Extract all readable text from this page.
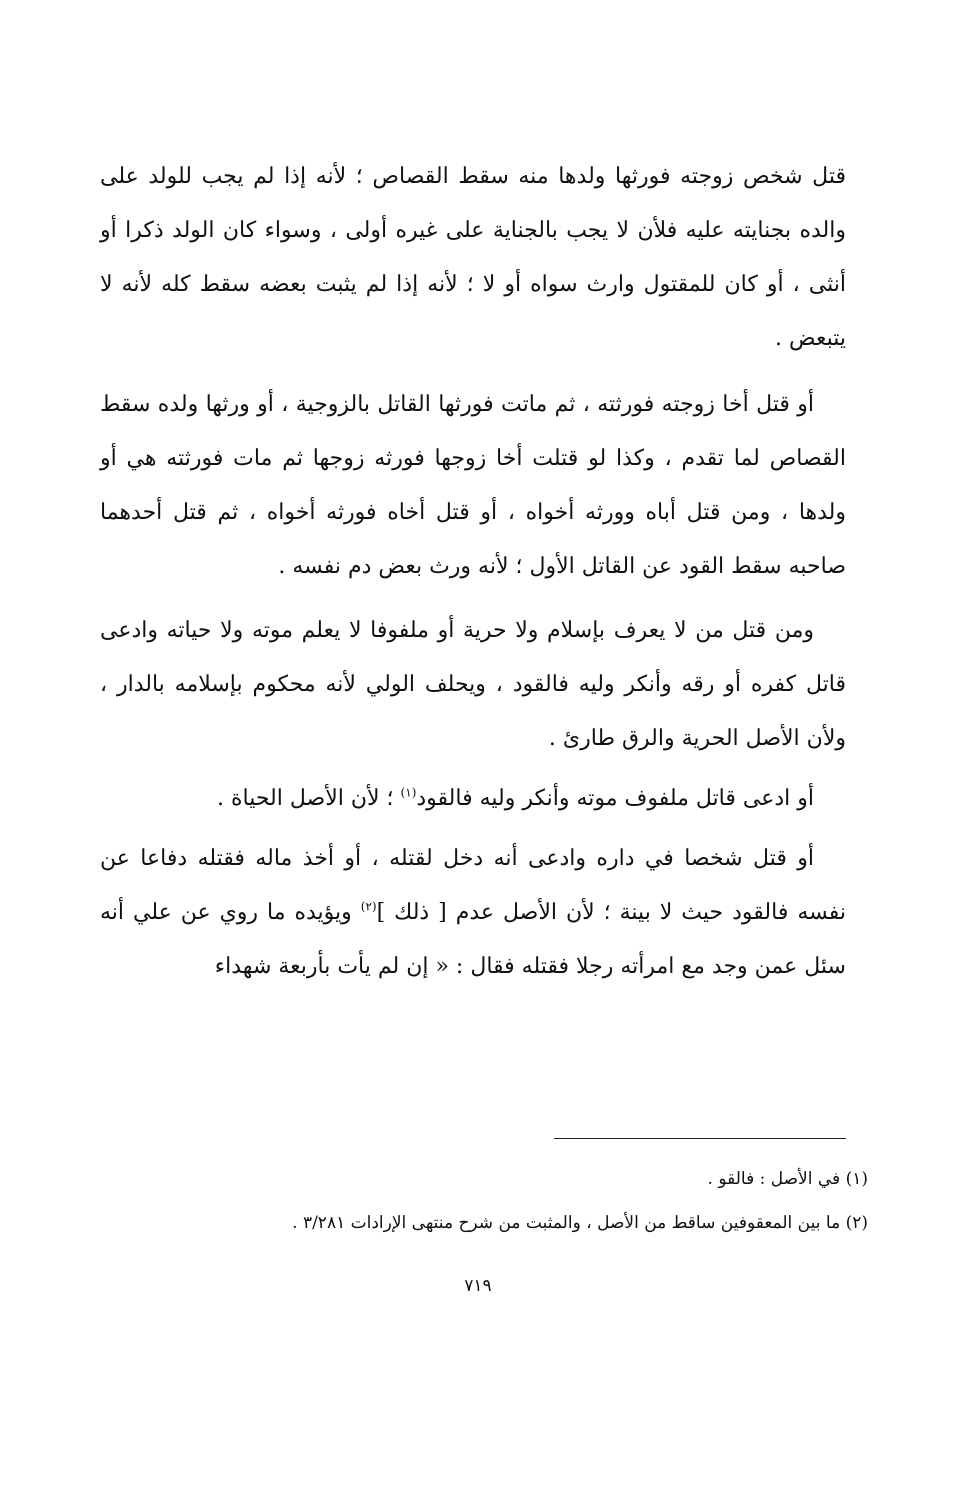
قتل شخص زوجته فورثها ولدها منه سقط القصاص ؛ لأنه إذا لم يجب للولد على والده بجنايته عليه فلأن لا يجب بالجناية على غيره أولى ، وسواء كان الولد ذكرا أو أنثى ، أو كان للمقتول وارث سواه أو لا ؛ لأنه إذا لم يثبت بعضه سقط كله لأنه لا يتبعض .

أو قتل أخا زوجته فورثته ، ثم ماتت فورثها القاتل بالزوجية ، أو ورثها ولده سقط القصاص لما تقدم ، وكذا لو قتلت أخا زوجها فورثه زوجها ثم مات فورثته هي أو ولدها ، ومن قتل أباه وورثه أخواه ، أو قتل أخاه فورثه أخواه ، ثم قتل أحدهما صاحبه سقط القود عن القاتل الأول ؛ لأنه ورث بعض دم نفسه .

ومن قتل من لا يعرف بإسلام ولا حرية أو ملفوفا لا يعلم موته ولا حياته وادعى قاتل كفره أو رقه وأنكر وليه فالقود ، ويحلف الولي لأنه محكوم بإسلامه بالدار ، ولأن الأصل الحرية والرق طارئ .

أو ادعى قاتل ملفوف موته وأنكر وليه فالقود$^{(١)}$ ؛ لأن الأصل الحياة .

أو قتل شخصا في داره وادعى أنه دخل لقتله ، أو أخذ ماله فقتله دفاعا عن نفسه فالقود حيث لا بينة ؛ لأن الأصل عدم [ ذلك ]$^{(٢)}$ ويؤيده ما روي عن علي أنه سئل عمن وجد مع امرأته رجلا فقتله فقال : « إن لم يأت بأربعة شهداء

(١) في الأصل : فالقو .

(٢) ما بين المعقوفين ساقط من الأصل ، والمثبت من شرح منتهى الإرادات ٣/٢٨١ .

٧١٩
